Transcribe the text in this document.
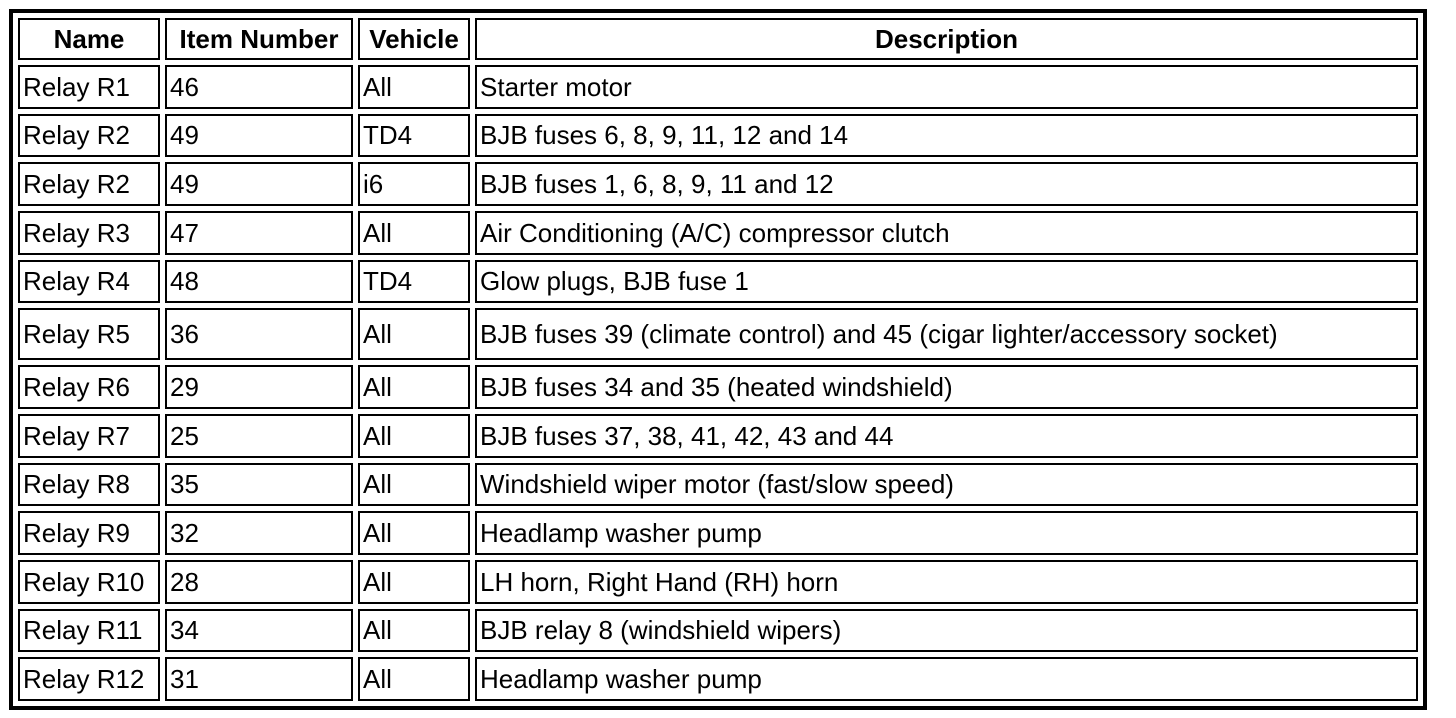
Name	Item Number	Vehicle	Description
Relay R1	46	All	Starter motor
Relay R2	49	TD4	BJB fuses 6, 8, 9, 11, 12 and 14
Relay R2	49	i6	BJB fuses 1, 6, 8, 9, 11 and 12
Relay R3	47	All	Air Conditioning (A/C) compressor clutch
Relay R4	48	TD4	Glow plugs, BJB fuse 1
Relay R5	36	All	BJB fuses 39 (climate control) and 45 (cigar lighter/accessory socket)
Relay R6	29	All	BJB fuses 34 and 35 (heated windshield)
Relay R7	25	All	BJB fuses 37, 38, 41, 42, 43 and 44
Relay R8	35	All	Windshield wiper motor (fast/slow speed)
Relay R9	32	All	Headlamp washer pump
Relay R10	28	All	LH horn, Right Hand (RH) horn
Relay R11	34	All	BJB relay 8 (windshield wipers)
Relay R12	31	All	Headlamp washer pump
